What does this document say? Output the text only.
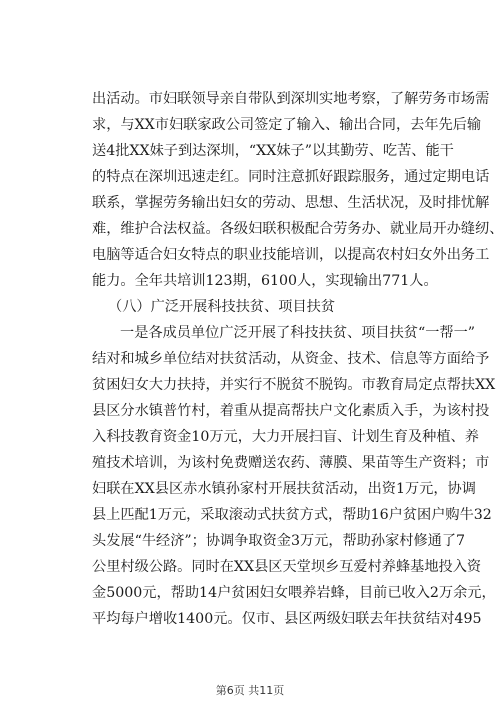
出活动。市妇联领导亲自带队到深圳实地考察，了解劳务市场需
求，与XX市妇联家政公司签定了输入、输出合同，去年先后输
送4批XX妹子到达深圳，“XX妹子”以其勤劳、吃苦、能干
的特点在深圳迅速走红。同时注意抓好跟踪服务，通过定期电话
联系，掌握劳务输出妇女的劳动、思想、生活状况，及时排忧解
难，维护合法权益。各级妇联积极配合劳务办、就业局开办缝纫、
电脑等适合妇女特点的职业技能培训，以提高农村妇女外出务工
能力。全年共培训123期，6100人，实现输出771人。
（八）广泛开展科技扶贫、项目扶贫
一是各成员单位广泛开展了科技扶贫、项目扶贫“一帮一”
结对和城乡单位结对扶贫活动，从资金、技术、信息等方面给予
贫困妇女大力扶持，并实行不脱贫不脱钩。市教育局定点帮扶XX
县区分水镇普竹村，着重从提高帮扶户文化素质入手，为该村投
入科技教育资金10万元，大力开展扫盲、计划生育及种植、养
殖技术培训，为该村免费赠送农药、薄膜、果苗等生产资料；市
妇联在XX县区赤水镇孙家村开展扶贫活动，出资1万元，协调
县上匹配1万元，采取滚动式扶贫方式，帮助16户贫困户购牛32
头发展“牛经济”；协调争取资金3万元，帮助孙家村修通了7
公里村级公路。同时在XX县区天堂坝乡互爱村养蜂基地投入资
金5000元，帮助14户贫困妇女喂养岩蜂，目前已收入2万余元，
平均每户增收1400元。仅市、县区两级妇联去年扶贫结对495
第6页 共11页
